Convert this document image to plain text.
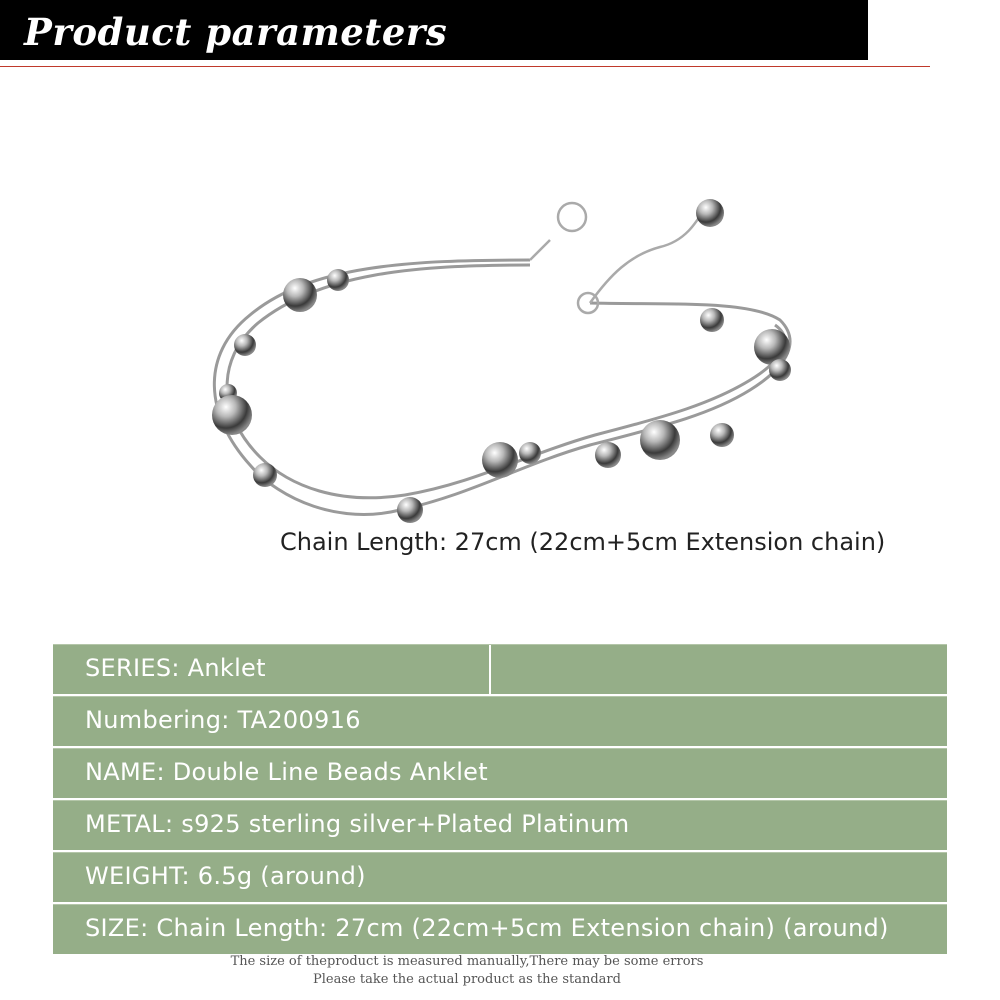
Product parameters
Chain Length: 27cm (22cm+5cm Extension chain)
SERIES: Anklet
Numbering: TA200916
NAME: Double Line Beads Anklet
METAL: s925 sterling silver+Plated Platinum
WEIGHT: 6.5g (around)
SIZE: Chain Length: 27cm (22cm+5cm Extension chain) (around)
The size of theproduct is measured manually,There may be some errors
Please take the actual product as the standard
